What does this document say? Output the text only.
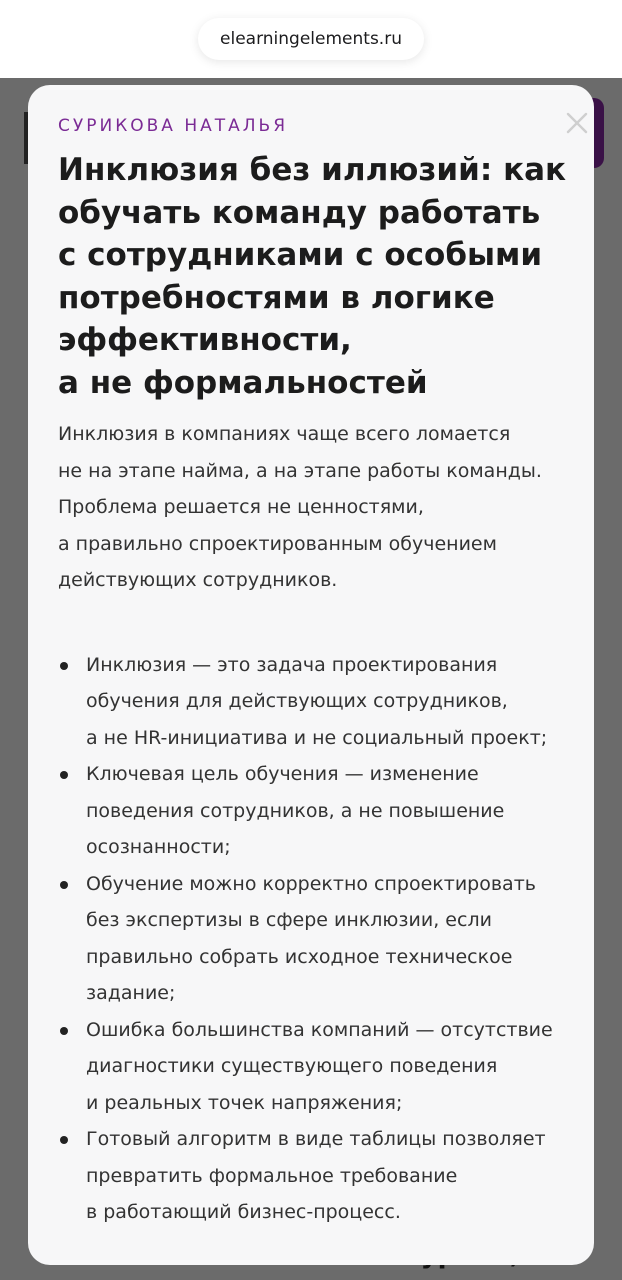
elearningelements.ru

СУРИКОВА НАТАЛЬЯ

Инклюзия без иллюзий: как
обучать команду работать
с сотрудниками с особыми
потребностями в логике
эффективности,
а не формальностей

Инклюзия в компаниях чаще всего ломается
не на этапе найма, а на этапе работы команды.
Проблема решается не ценностями,
а правильно спроектированным обучением
действующих сотрудников.

Инклюзия — это задача проектирования
обучения для действующих сотрудников,
а не HR-инициатива и не социальный проект;
Ключевая цель обучения — изменение
поведения сотрудников, а не повышение
осознанности;
Обучение можно корректно спроектировать
без экспертизы в сфере инклюзии, если
правильно собрать исходное техническое
задание;
Ошибка большинства компаний — отсутствие
диагностики существующего поведения
и реальных точек напряжения;
Готовый алгоритм в виде таблицы позволяет
превратить формальное требование
в работающий бизнес-процесс.
